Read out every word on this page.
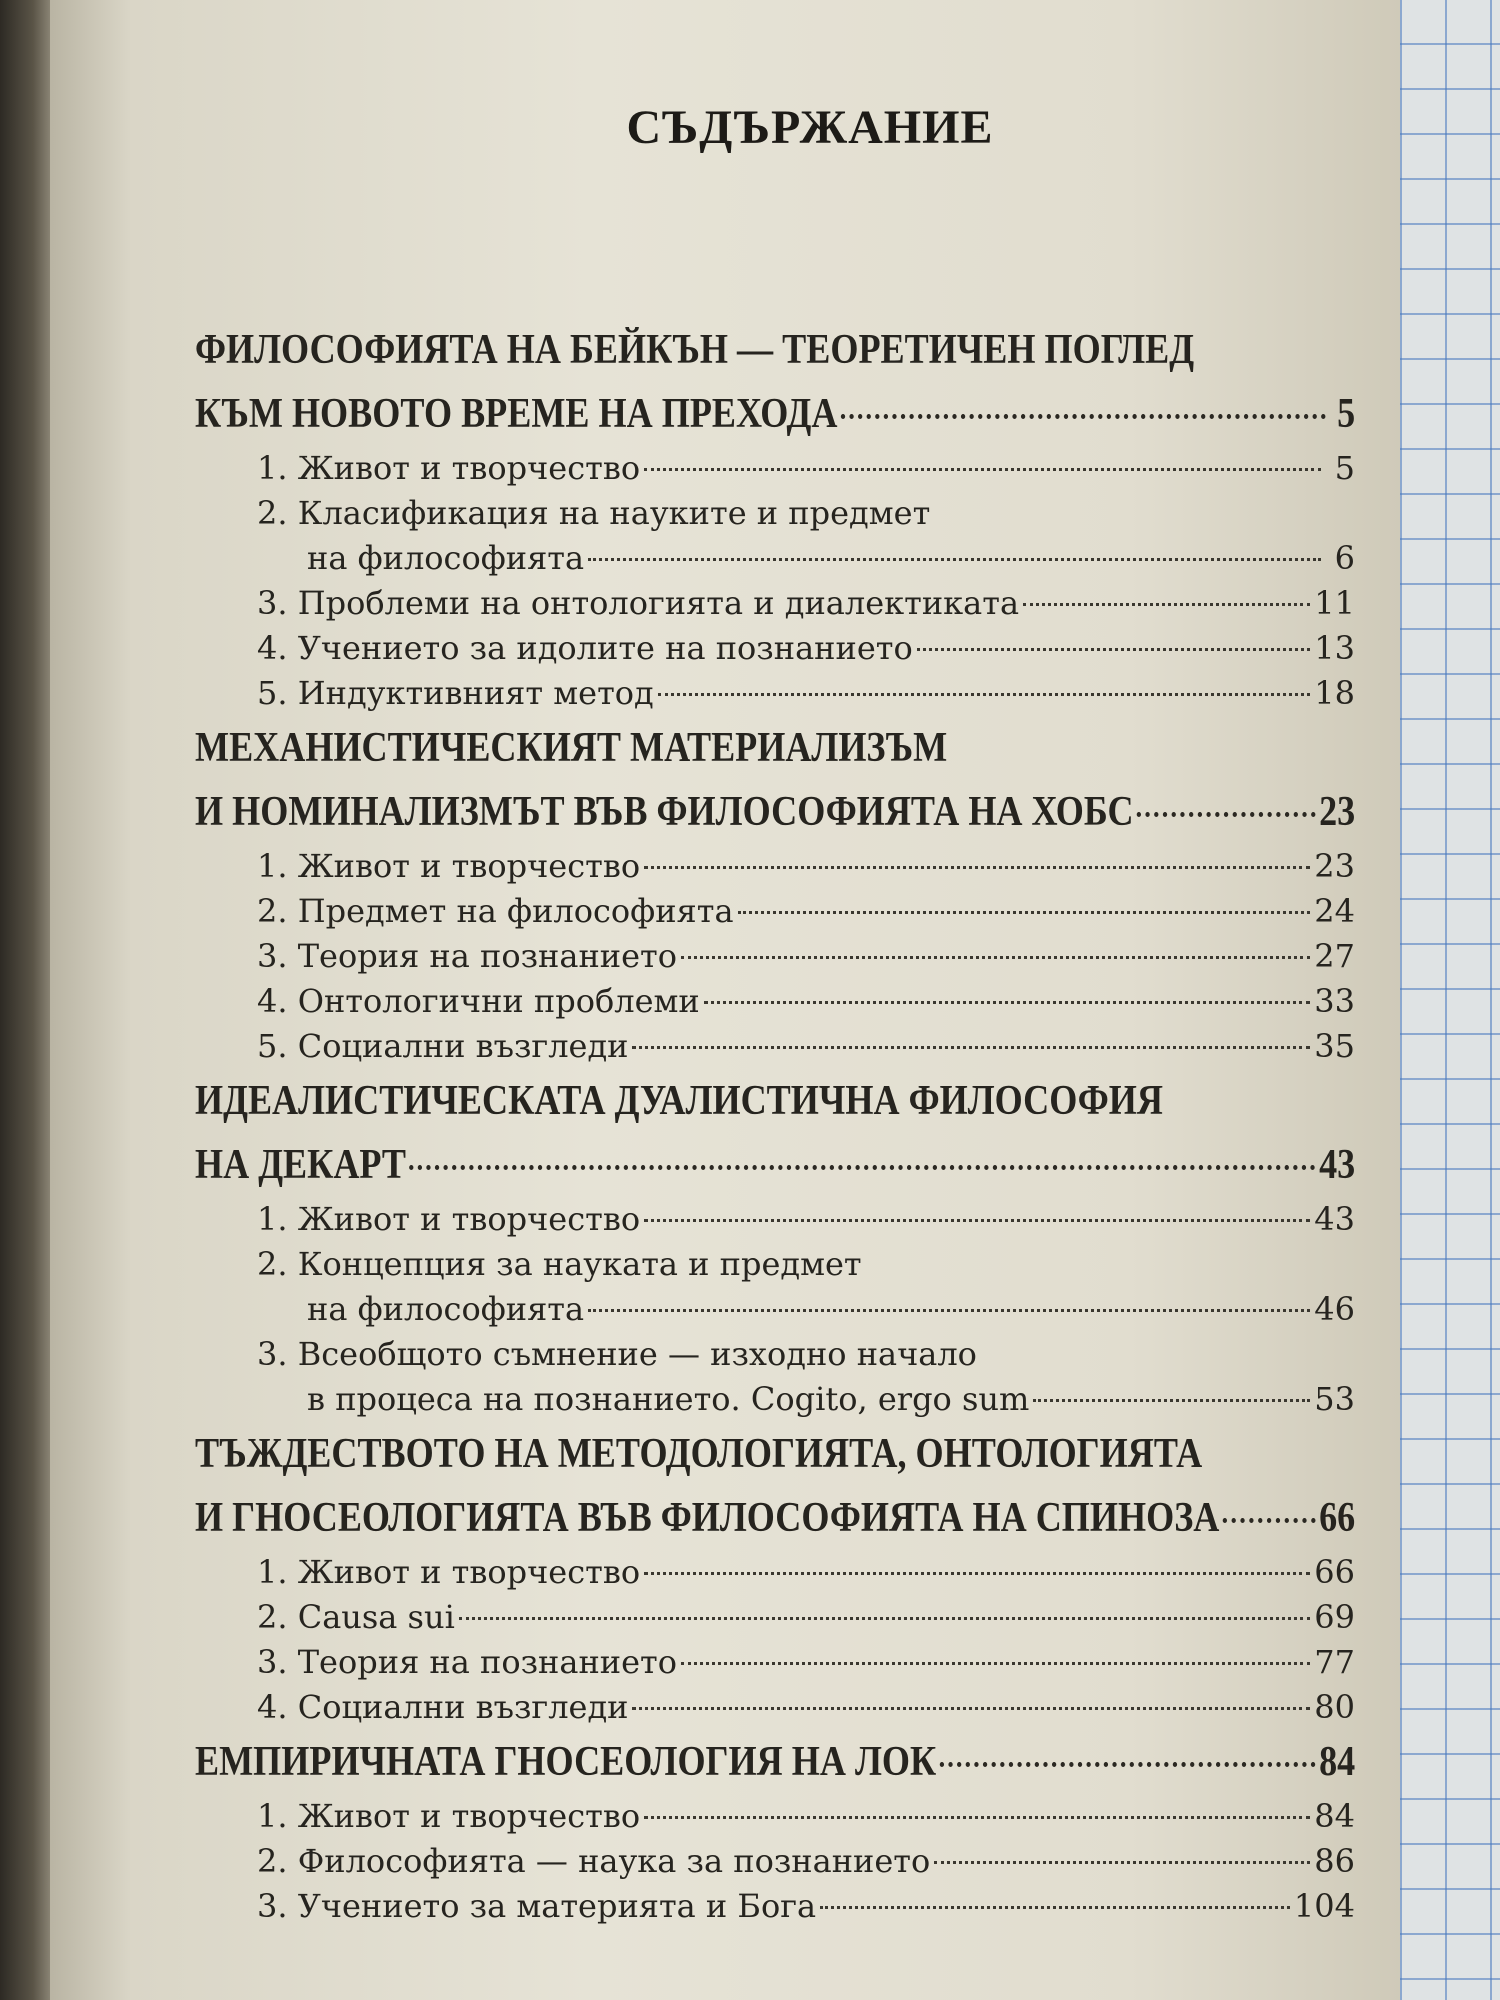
СЪДЪРЖАНИЕ
ФИЛОСОФИЯТА НА БЕЙКЪН — ТЕОРЕТИЧЕН ПОГЛЕД
КЪМ НОВОТО ВРЕМЕ НА ПРЕХОДА	5
1. Живот и творчество	5
2. Класификация на науките и предмет
на философията	6
3. Проблеми на онтологията и диалектиката	11
4. Учението за идолите на познанието	13
5. Индуктивният метод	18
МЕХАНИСТИЧЕСКИЯТ МАТЕРИАЛИЗЪМ
И НОМИНАЛИЗМЪТ ВЪВ ФИЛОСОФИЯТА НА ХОБС	23
1. Живот и творчество	23
2. Предмет на философията	24
3. Теория на познанието	27
4. Онтологични проблеми	33
5. Социални възгледи	35
ИДЕАЛИСТИЧЕСКАТА ДУАЛИСТИЧНА ФИЛОСОФИЯ
НА ДЕКАРТ	43
1. Живот и творчество	43
2. Концепция за науката и предмет
на философията	46
3. Всеобщото съмнение — изходно начало
в процеса на познанието. Cogito, ergo sum	53
ТЪЖДЕСТВОТО НА МЕТОДОЛОГИЯТА, ОНТОЛОГИЯТА
И ГНОСЕОЛОГИЯТА ВЪВ ФИЛОСОФИЯТА НА СПИНОЗА 66
1. Живот и творчество	66
2. Causa sui	69
3. Теория на познанието	77
4. Социални възгледи	80
ЕМПИРИЧНАТА ГНОСЕОЛОГИЯ НА ЛОК	84
1. Живот и творчество	84
2. Философията — наука за познанието	86
3. Учението за материята и Бога	104
